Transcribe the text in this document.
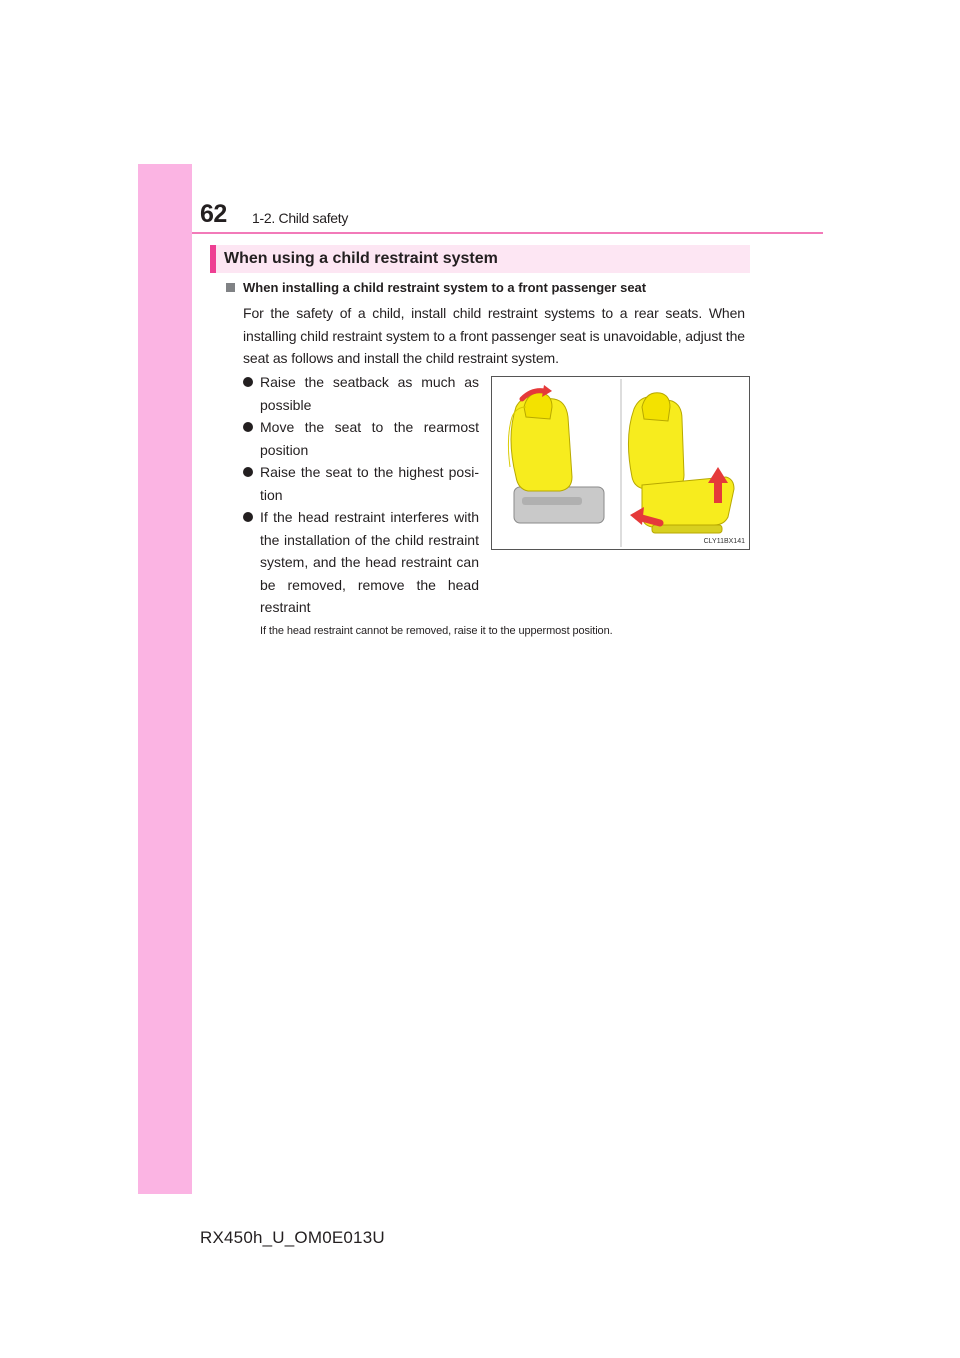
62 1-2. Child safety
When using a child restraint system
When installing a child restraint system to a front passenger seat

For the safety of a child, install child restraint systems to a rear seats. When installing child restraint system to a front passenger seat is unavoidable, adjust the seat as follows and install the child restraint system.

Raise the seatback as much as possible
Move the seat to the rearmost position
Raise the seat to the highest posi-tion
If the head restraint interferes with the installation of the child restraint system, and the head restraint can be removed, remove the head restraint
If the head restraint cannot be removed, raise it to the uppermost position.
CLY11BX141
RX450h_U_OM0E013U
